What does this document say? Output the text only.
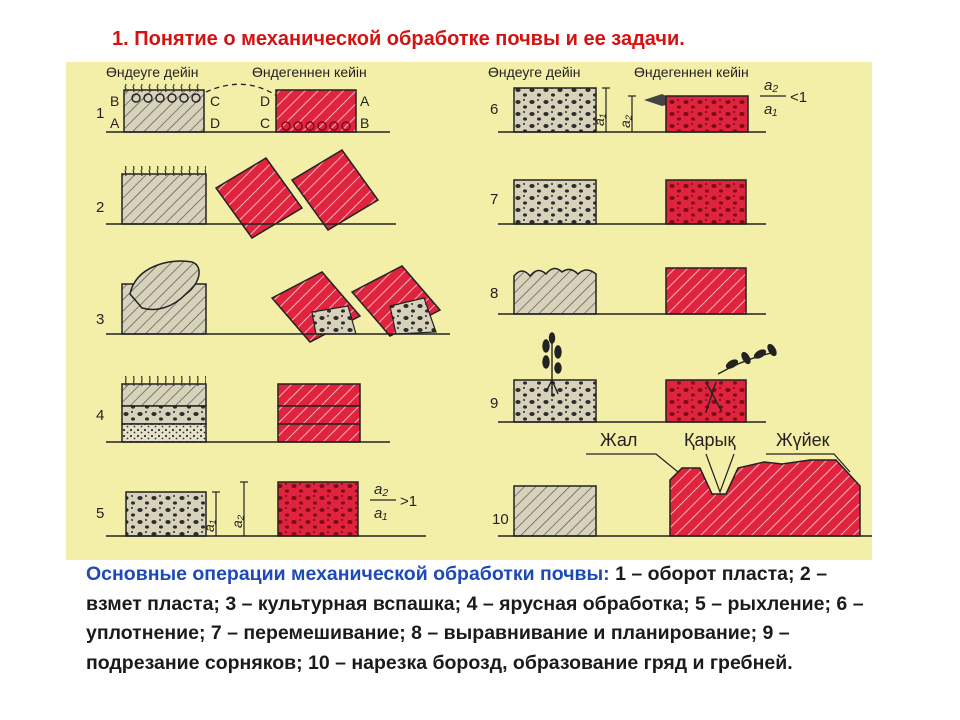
1. Понятие о механической обработке почвы и ее задачи.
Өндеуге дейін	Өндегеннен кейін	Өндеуге дейін	Өндегеннен кейін
1
B
A
C
D
D
C
A
B
2
3
4
5
a₁ a₂
a₂
a₁
>1
6
a₁ a₂
a₂
a₁
<1
7
8
9
10
Жал	Қарық Жүйек
Основные операции механической обработки почвы: 1 – оборот пласта; 2 – взмет пласта; 3 – культурная вспашка; 4 – ярусная обработка; 5 – рыхление; 6 – уплотнение; 7 – перемешивание; 8 – выравнивание и планирование; 9 – подрезание сорняков; 10 – нарезка борозд, образование гряд и гребней.
